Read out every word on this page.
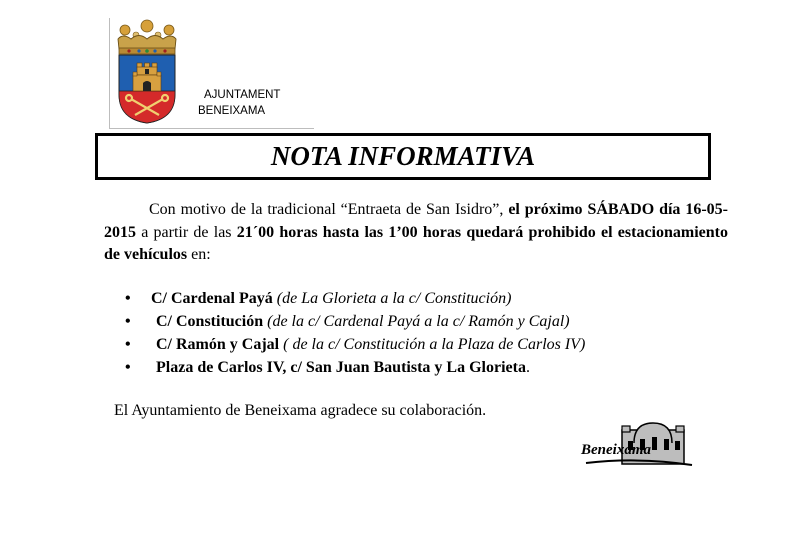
AJUNTAMENT
BENEIXAMA
NOTA INFORMATIVA
Con motivo de la tradicional “Entraeta de San Isidro”, el próximo SÁBADO día 16-05-2015 a partir de las 21´00 horas hasta las 1’00 horas quedará prohibido el estacionamiento de vehículos en:
• C/ Cardenal Payá (de La Glorieta a la c/ Constitución)
• C/ Constitución (de la c/ Cardenal Payá a la c/ Ramón y Cajal)
• C/ Ramón y Cajal ( de la c/ Constitución a la Plaza de Carlos IV)
• Plaza de Carlos IV, c/ San Juan Bautista y La Glorieta.
El Ayuntamiento de Beneixama agradece su colaboración.
Beneixama
